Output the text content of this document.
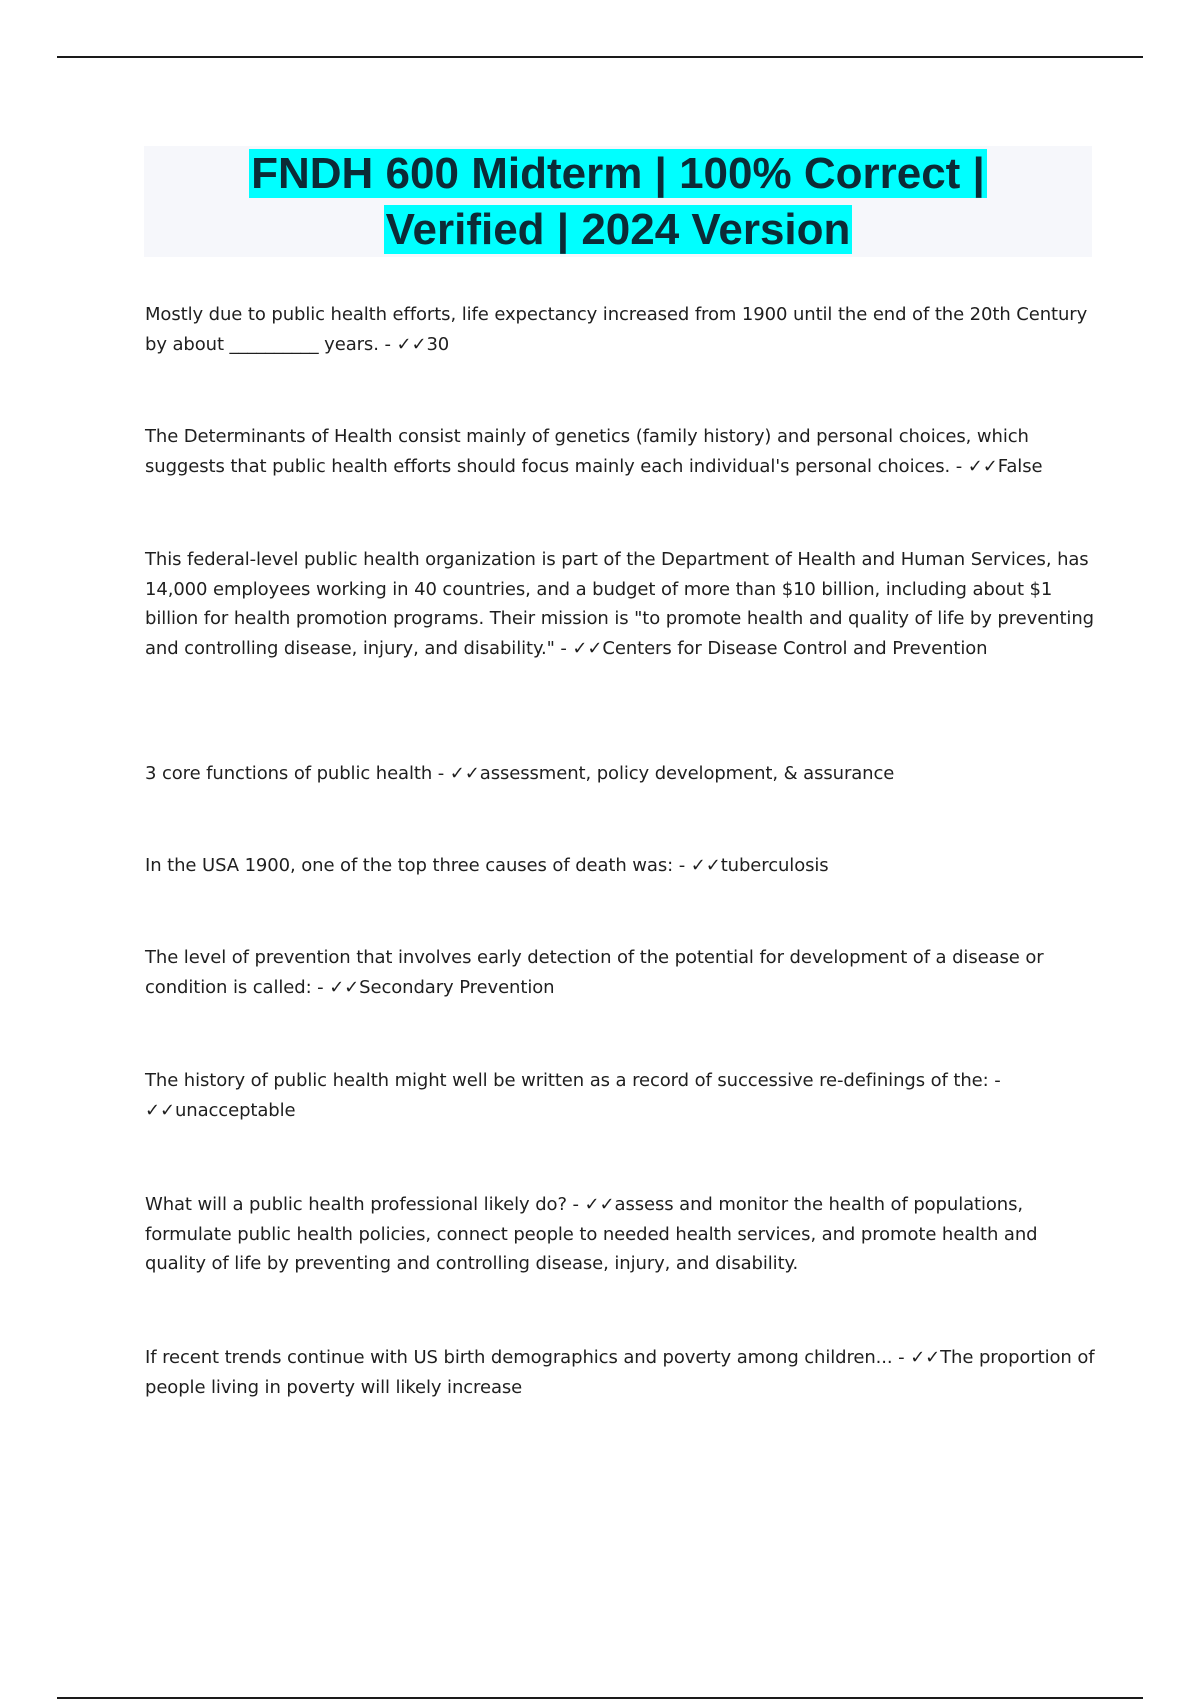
FNDH 600 Midterm | 100% Correct |
Verified | 2024 Version

Mostly due to public health efforts, life expectancy increased from 1900 until the end of the 20th Century by about __________ years. - ✓✓30

The Determinants of Health consist mainly of genetics (family history) and personal choices, which suggests that public health efforts should focus mainly each individual's personal choices. - ✓✓False

This federal-level public health organization is part of the Department of Health and Human Services, has 14,000 employees working in 40 countries, and a budget of more than $10 billion, including about $1 billion for health promotion programs. Their mission is "to promote health and quality of life by preventing and controlling disease, injury, and disability." - ✓✓Centers for Disease Control and Prevention

3 core functions of public health - ✓✓assessment, policy development, & assurance

In the USA 1900, one of the top three causes of death was: - ✓✓tuberculosis

The level of prevention that involves early detection of the potential for development of a disease or condition is called: - ✓✓Secondary Prevention

The history of public health might well be written as a record of successive re-definings of the: - ✓✓unacceptable

What will a public health professional likely do? - ✓✓assess and monitor the health of populations, formulate public health policies, connect people to needed health services, and promote health and quality of life by preventing and controlling disease, injury, and disability.

If recent trends continue with US birth demographics and poverty among children... - ✓✓The proportion of people living in poverty will likely increase
